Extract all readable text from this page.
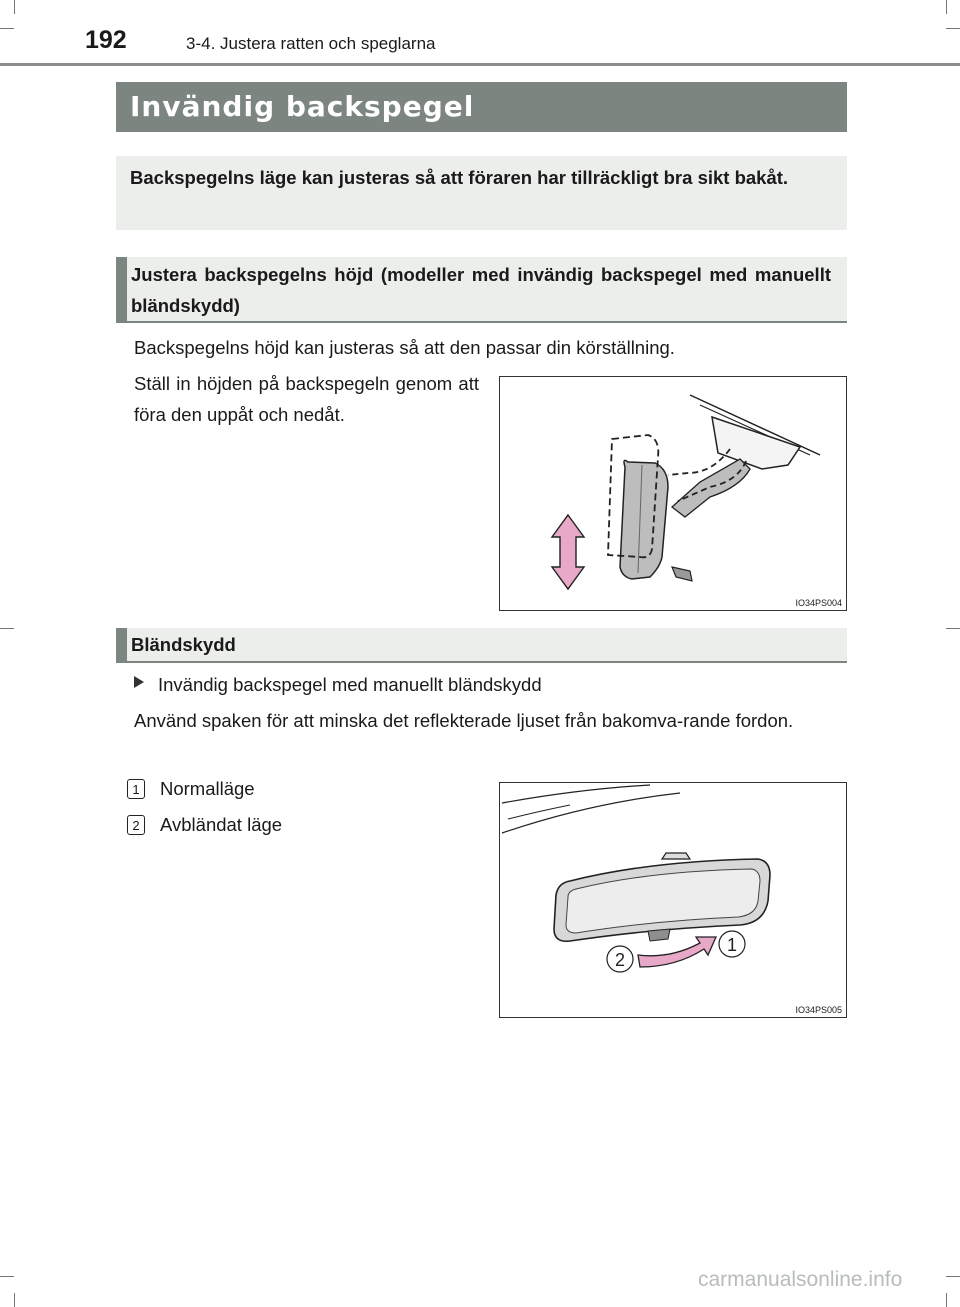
192	3-4. Justera ratten och speglarna
Invändig backspegel
Backspegelns läge kan justeras så att föraren har tillräckligt bra sikt bakåt.
Justera backspegelns höjd (modeller med invändig backspegel med manuellt bländskydd)
Backspegelns höjd kan justeras så att den passar din körställning.
Ställ in höjden på backspegeln genom att föra den uppåt och nedåt.
IO34PS004
Bländskydd
Invändig backspegel med manuellt bländskydd
Använd spaken för att minska det reflekterade ljuset från bakomva-rande fordon.
1 Normalläge
2 Avbländat läge
1
2
IO34PS005
carmanualsonline.info
